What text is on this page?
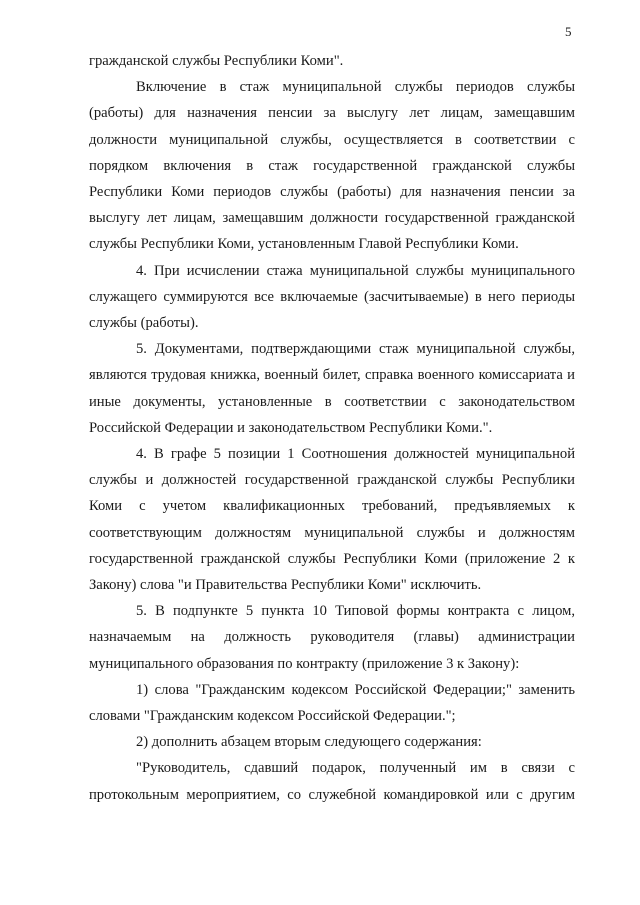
5

гражданской службы Республики Коми".

Включение в стаж муниципальной службы периодов службы (работы) для назначения пенсии за выслугу лет лицам, замещавшим должности муниципальной службы, осуществляется в соответствии с порядком включения в стаж государственной гражданской службы Республики Коми периодов службы (работы) для назначения пенсии за выслугу лет лицам, замещавшим должности государственной гражданской службы Республики Коми, установленным Главой Республики Коми.

4. При исчислении стажа муниципальной службы муниципального служащего суммируются все включаемые (засчитываемые) в него периоды службы (работы).

5. Документами, подтверждающими стаж муниципальной службы, являются трудовая книжка, военный билет, справка военного комиссариата и иные документы, установленные в соответствии с законодательством Российской Федерации и законодательством Республики Коми.".

4. В графе 5 позиции 1 Соотношения должностей муниципальной службы и должностей государственной гражданской службы Республики Коми с учетом квалификационных требований, предъявляемых к соответствующим должностям муниципальной службы и должностям государственной гражданской службы Республики Коми (приложение 2 к Закону) слова "и Правительства Республики Коми" исключить.

5. В подпункте 5 пункта 10 Типовой формы контракта с лицом, назначаемым на должность руководителя (главы) администрации муниципального образования по контракту (приложение 3 к Закону):

1) слова "Гражданским кодексом Российской Федерации;" заменить словами "Гражданским кодексом Российской Федерации.";

2) дополнить абзацем вторым следующего содержания:

"Руководитель, сдавший подарок, полученный им в связи с протокольным мероприятием, со служебной командировкой или с другим
